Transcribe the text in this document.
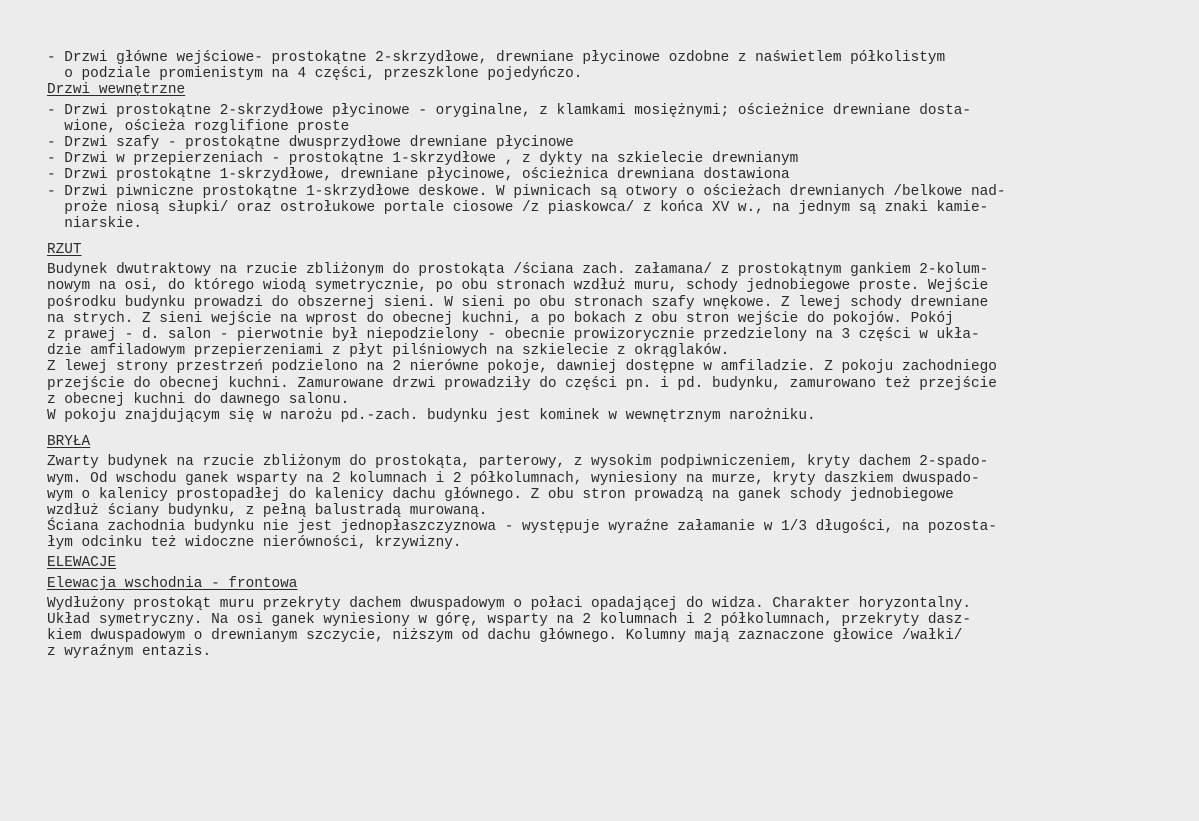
- Drzwi główne wejściowe- prostokątne 2-skrzydłowe, drewniane płycinowe ozdobne z naświetlem półkolistym
o podziale promienistym na 4 części, przeszklone pojedyńczo.
Drzwi wewnętrzne
- Drzwi prostokątne 2-skrzydłowe płycinowe - oryginalne, z klamkami mosiężnymi; ościeżnice drewniane dosta-
wione, ościeża rozglifione proste
- Drzwi szafy - prostokątne dwusprzydłowe drewniane płycinowe
- Drzwi w przepierzeniach - prostokątne 1-skrzydłowe , z dykty na szkielecie drewnianym
- Drzwi prostokątne 1-skrzydłowe, drewniane płycinowe, ościeżnica drewniana dostawiona
- Drzwi piwniczne prostokątne 1-skrzydłowe deskowe. W piwnicach są otwory o ościeżach drewnianych /belkowe nad-
proże niosą słupki/ oraz ostrołukowe portale ciosowe /z piaskowca/ z końca XV w., na jednym są znaki kamie-
niarskie.
RZUT
Budynek dwutraktowy na rzucie zbliżonym do prostokąta /ściana zach. załamana/ z prostokątnym gankiem 2-kolum-
nowym na osi, do którego wiodą symetrycznie, po obu stronach wzdłuż muru, schody jednobiegowe proste. Wejście
pośrodku budynku prowadzi do obszernej sieni. W sieni po obu stronach szafy wnękowe. Z lewej schody drewniane
na strych. Z sieni wejście na wprost do obecnej kuchni, a po bokach z obu stron wejście do pokojów. Pokój
z prawej - d. salon - pierwotnie był niepodzielony - obecnie prowizorycznie przedzielony na 3 części w ukła-
dzie amfiladowym przepierzeniami z płyt pilśniowych na szkielecie z okrąglaków.
Z lewej strony przestrzeń podzielono na 2 nierówne pokoje, dawniej dostępne w amfiladzie. Z pokoju zachodniego
przejście do obecnej kuchni. Zamurowane drzwi prowadziły do części pn. i pd. budynku, zamurowano też przejście
z obecnej kuchni do dawnego salonu.
W pokoju znajdującym się w narożu pd.-zach. budynku jest kominek w wewnętrznym narożniku.
BRYŁA
Zwarty budynek na rzucie zbliżonym do prostokąta, parterowy, z wysokim podpiwniczeniem, kryty dachem 2-spado-
wym. Od wschodu ganek wsparty na 2 kolumnach i 2 półkolumnach, wyniesiony na murze, kryty daszkiem dwuspado-
wym o kalenicy prostopadłej do kalenicy dachu głównego. Z obu stron prowadzą na ganek schody jednobiegowe
wzdłuż ściany budynku, z pełną balustradą murowaną.
Ściana zachodnia budynku nie jest jednopłaszczyznowa - występuje wyraźne załamanie w 1/3 długości, na pozosta-
łym odcinku też widoczne nierówności, krzywizny.
ELEWACJE
Elewacja wschodnia - frontowa
Wydłużony prostokąt muru przekryty dachem dwuspadowym o połaci opadającej do widza. Charakter horyzontalny.
Układ symetryczny. Na osi ganek wyniesiony w górę, wsparty na 2 kolumnach i 2 półkolumnach, przekryty dasz-
kiem dwuspadowym o drewnianym szczycie, niższym od dachu głównego. Kolumny mają zaznaczone głowice /wałki/
z wyraźnym entazis.
